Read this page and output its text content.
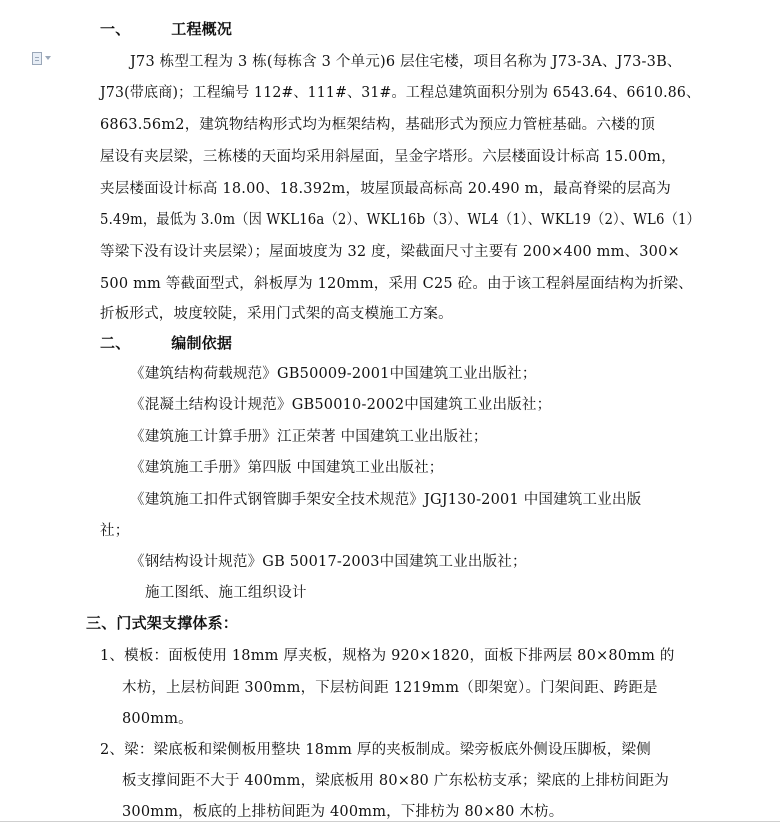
一、	工程概况
J73 栋型工程为 3 栋(每栋含 3 个单元)6 层住宅楼，项目名称为 J73-3A、J73-3B、
J73(带底商)；工程编号 112#、111#、31#。工程总建筑面积分别为 6543.64、6610.86、
6863.56m2，建筑物结构形式均为框架结构，基础形式为预应力管桩基础。六楼的顶
屋设有夹层梁，三栋楼的天面均采用斜屋面，呈金字塔形。六层楼面设计标高 15.00m，
夹层楼面设计标高 18.00、18.392m，坡屋顶最高标高 20.490 m，最高脊梁的层高为
5.49m，最低为 3.0m（因 WKL16a（2）、WKL16b（3）、WL4（1）、WKL19（2）、WL6（1）
等梁下没有设计夹层梁）；屋面坡度为 32 度，梁截面尺寸主要有 200×400 mm、300×
500 mm 等截面型式，斜板厚为 120mm，采用 C25 砼。由于该工程斜屋面结构为折梁、
折板形式，坡度较陡，采用门式架的高支模施工方案。
二、	编制依据
《建筑结构荷载规范》GB50009-2001中国建筑工业出版社；
《混凝土结构设计规范》GB50010-2002中国建筑工业出版社；
《建筑施工计算手册》江正荣著 中国建筑工业出版社；
《建筑施工手册》第四版 中国建筑工业出版社；
《建筑施工扣件式钢管脚手架安全技术规范》JGJ130-2001 中国建筑工业出版
社；
《钢结构设计规范》GB 50017-2003中国建筑工业出版社；
施工图纸、施工组织设计
三、门式架支撑体系：
1、模板：面板使用 18mm 厚夹板，规格为 920×1820，面板下排两层 80×80mm 的
木枋，上层枋间距 300mm，下层枋间距 1219mm（即架宽）。门架间距、跨距是
800mm。
2、梁：梁底板和梁侧板用整块 18mm 厚的夹板制成。梁旁板底外侧设压脚板，梁侧
板支撑间距不大于 400mm，梁底板用 80×80 广东松枋支承；梁底的上排枋间距为
300mm，板底的上排枋间距为 400mm，下排枋为 80×80 木枋。
